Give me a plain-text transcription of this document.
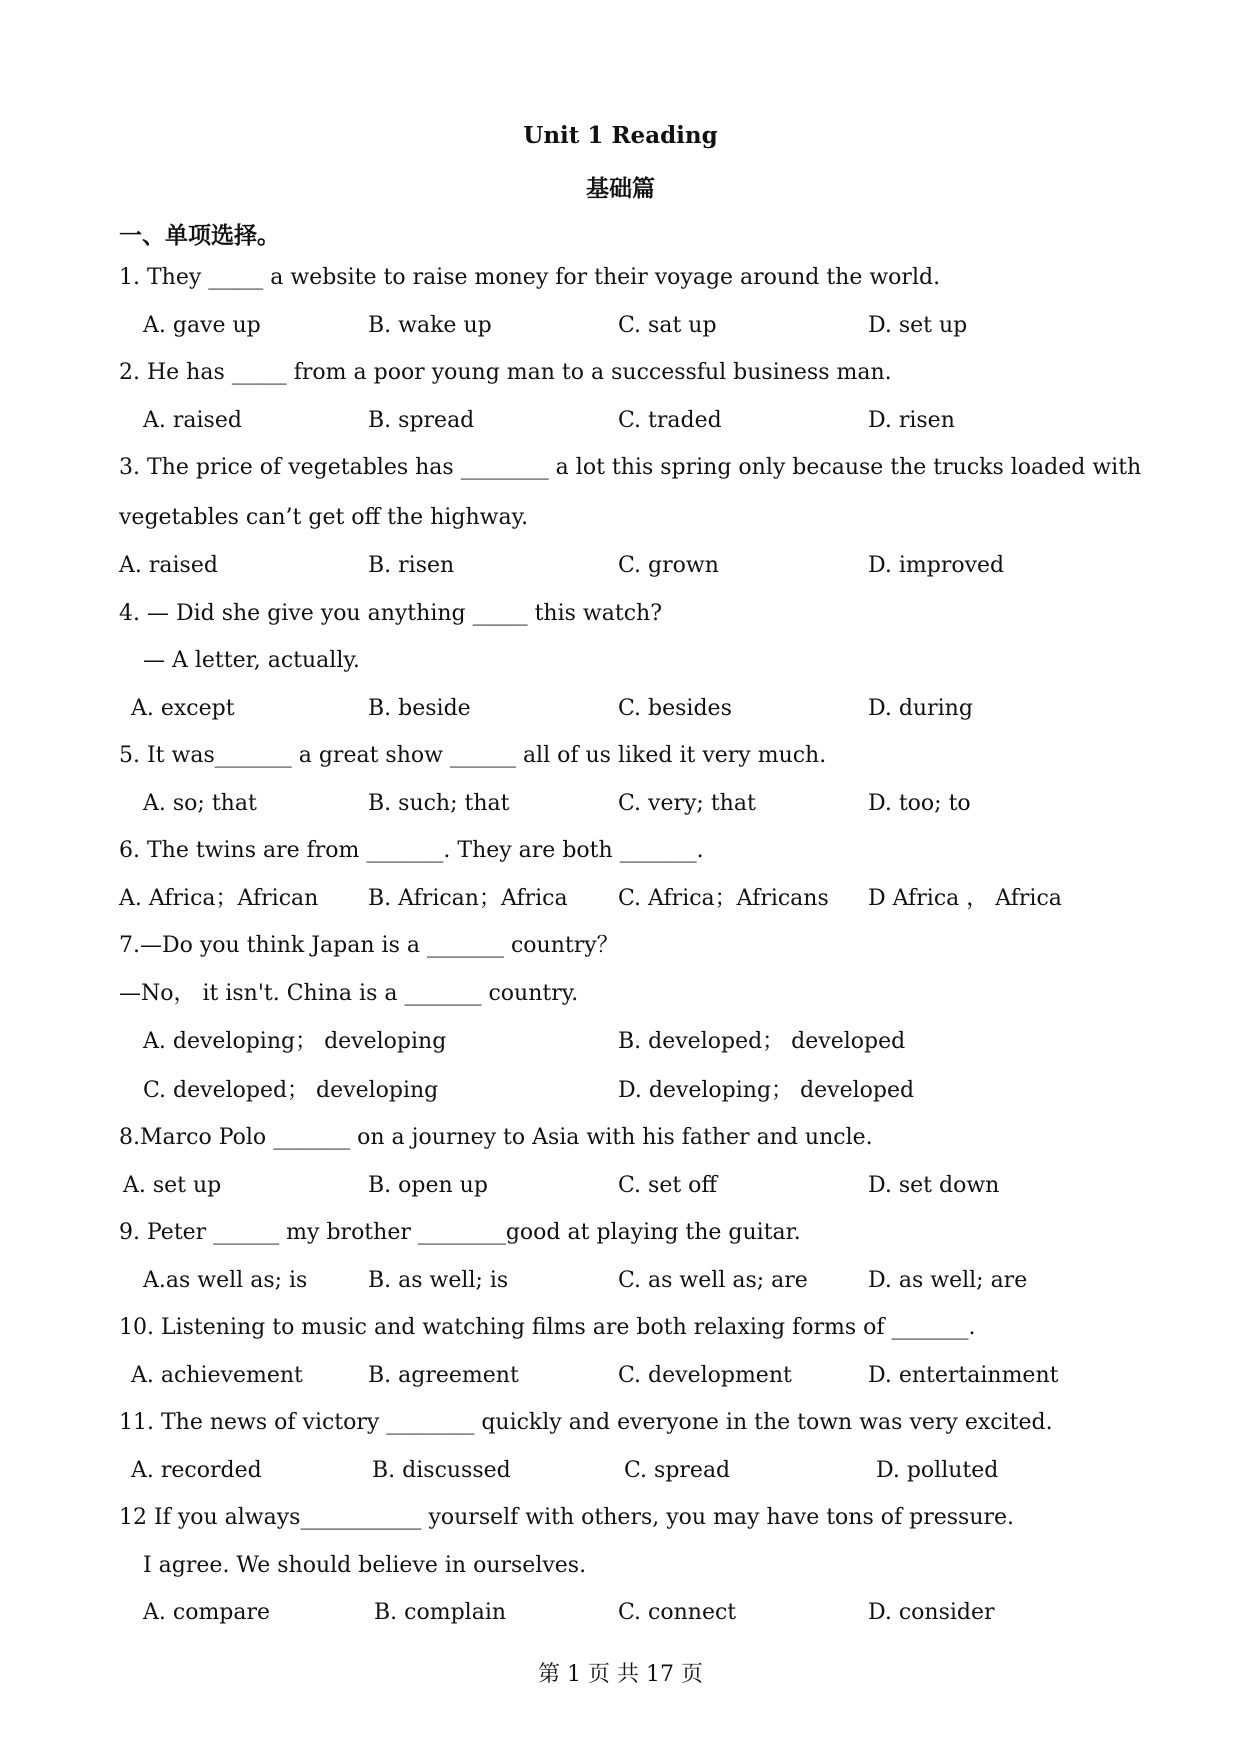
Unit 1 Reading
基础篇
一、单项选择。
1. They _____ a website to raise money for their voyage around the world.
A. gave up	B. wake up	C. sat up	D. set up
2. He has _____ from a poor young man to a successful business man.
A. raised	B. spread	C. traded	D. risen
3. The price of vegetables has ________ a lot this spring only because the trucks loaded with
vegetables can’t get off the highway.
A. raised	B. risen	C. grown	D. improved
4. — Did she give you anything _____ this watch?
— A letter, actually.
A. except	B. beside	C. besides	D. during
5. It was_______ a great show ______ all of us liked it very much.
A. so; that	B. such; that	C. very; that	D. too; to
6. The twins are from _______. They are both _______.
A. Africa；African B. African；Africa C. Africa；Africans D Africa ， Africa
7.—Do you think Japan is a _______ country？
—No， it isn't. China is a _______ country.
A. developing； developing	B. developed； developed
C. developed； developing	D. developing； developed
8.Marco Polo _______ on a journey to Asia with his father and uncle.
A. set up	B. open up	C. set off	D. set down
9. Peter ______ my brother ________good at playing the guitar.
A.as well as; is	B. as well; is	C. as well as; are	D. as well; are
10. Listening to music and watching films are both relaxing forms of _______.
A. achievement	B. agreement	C. development	D. entertainment
11. The news of victory ________ quickly and everyone in the town was very excited.
A. recorded	B. discussed	C. spread	D. polluted
12 If you always___________ yourself with others, you may have tons of pressure.
I agree. We should believe in ourselves.
A. compare	B. complain	C. connect	D. consider
第 1 页 共 17 页
